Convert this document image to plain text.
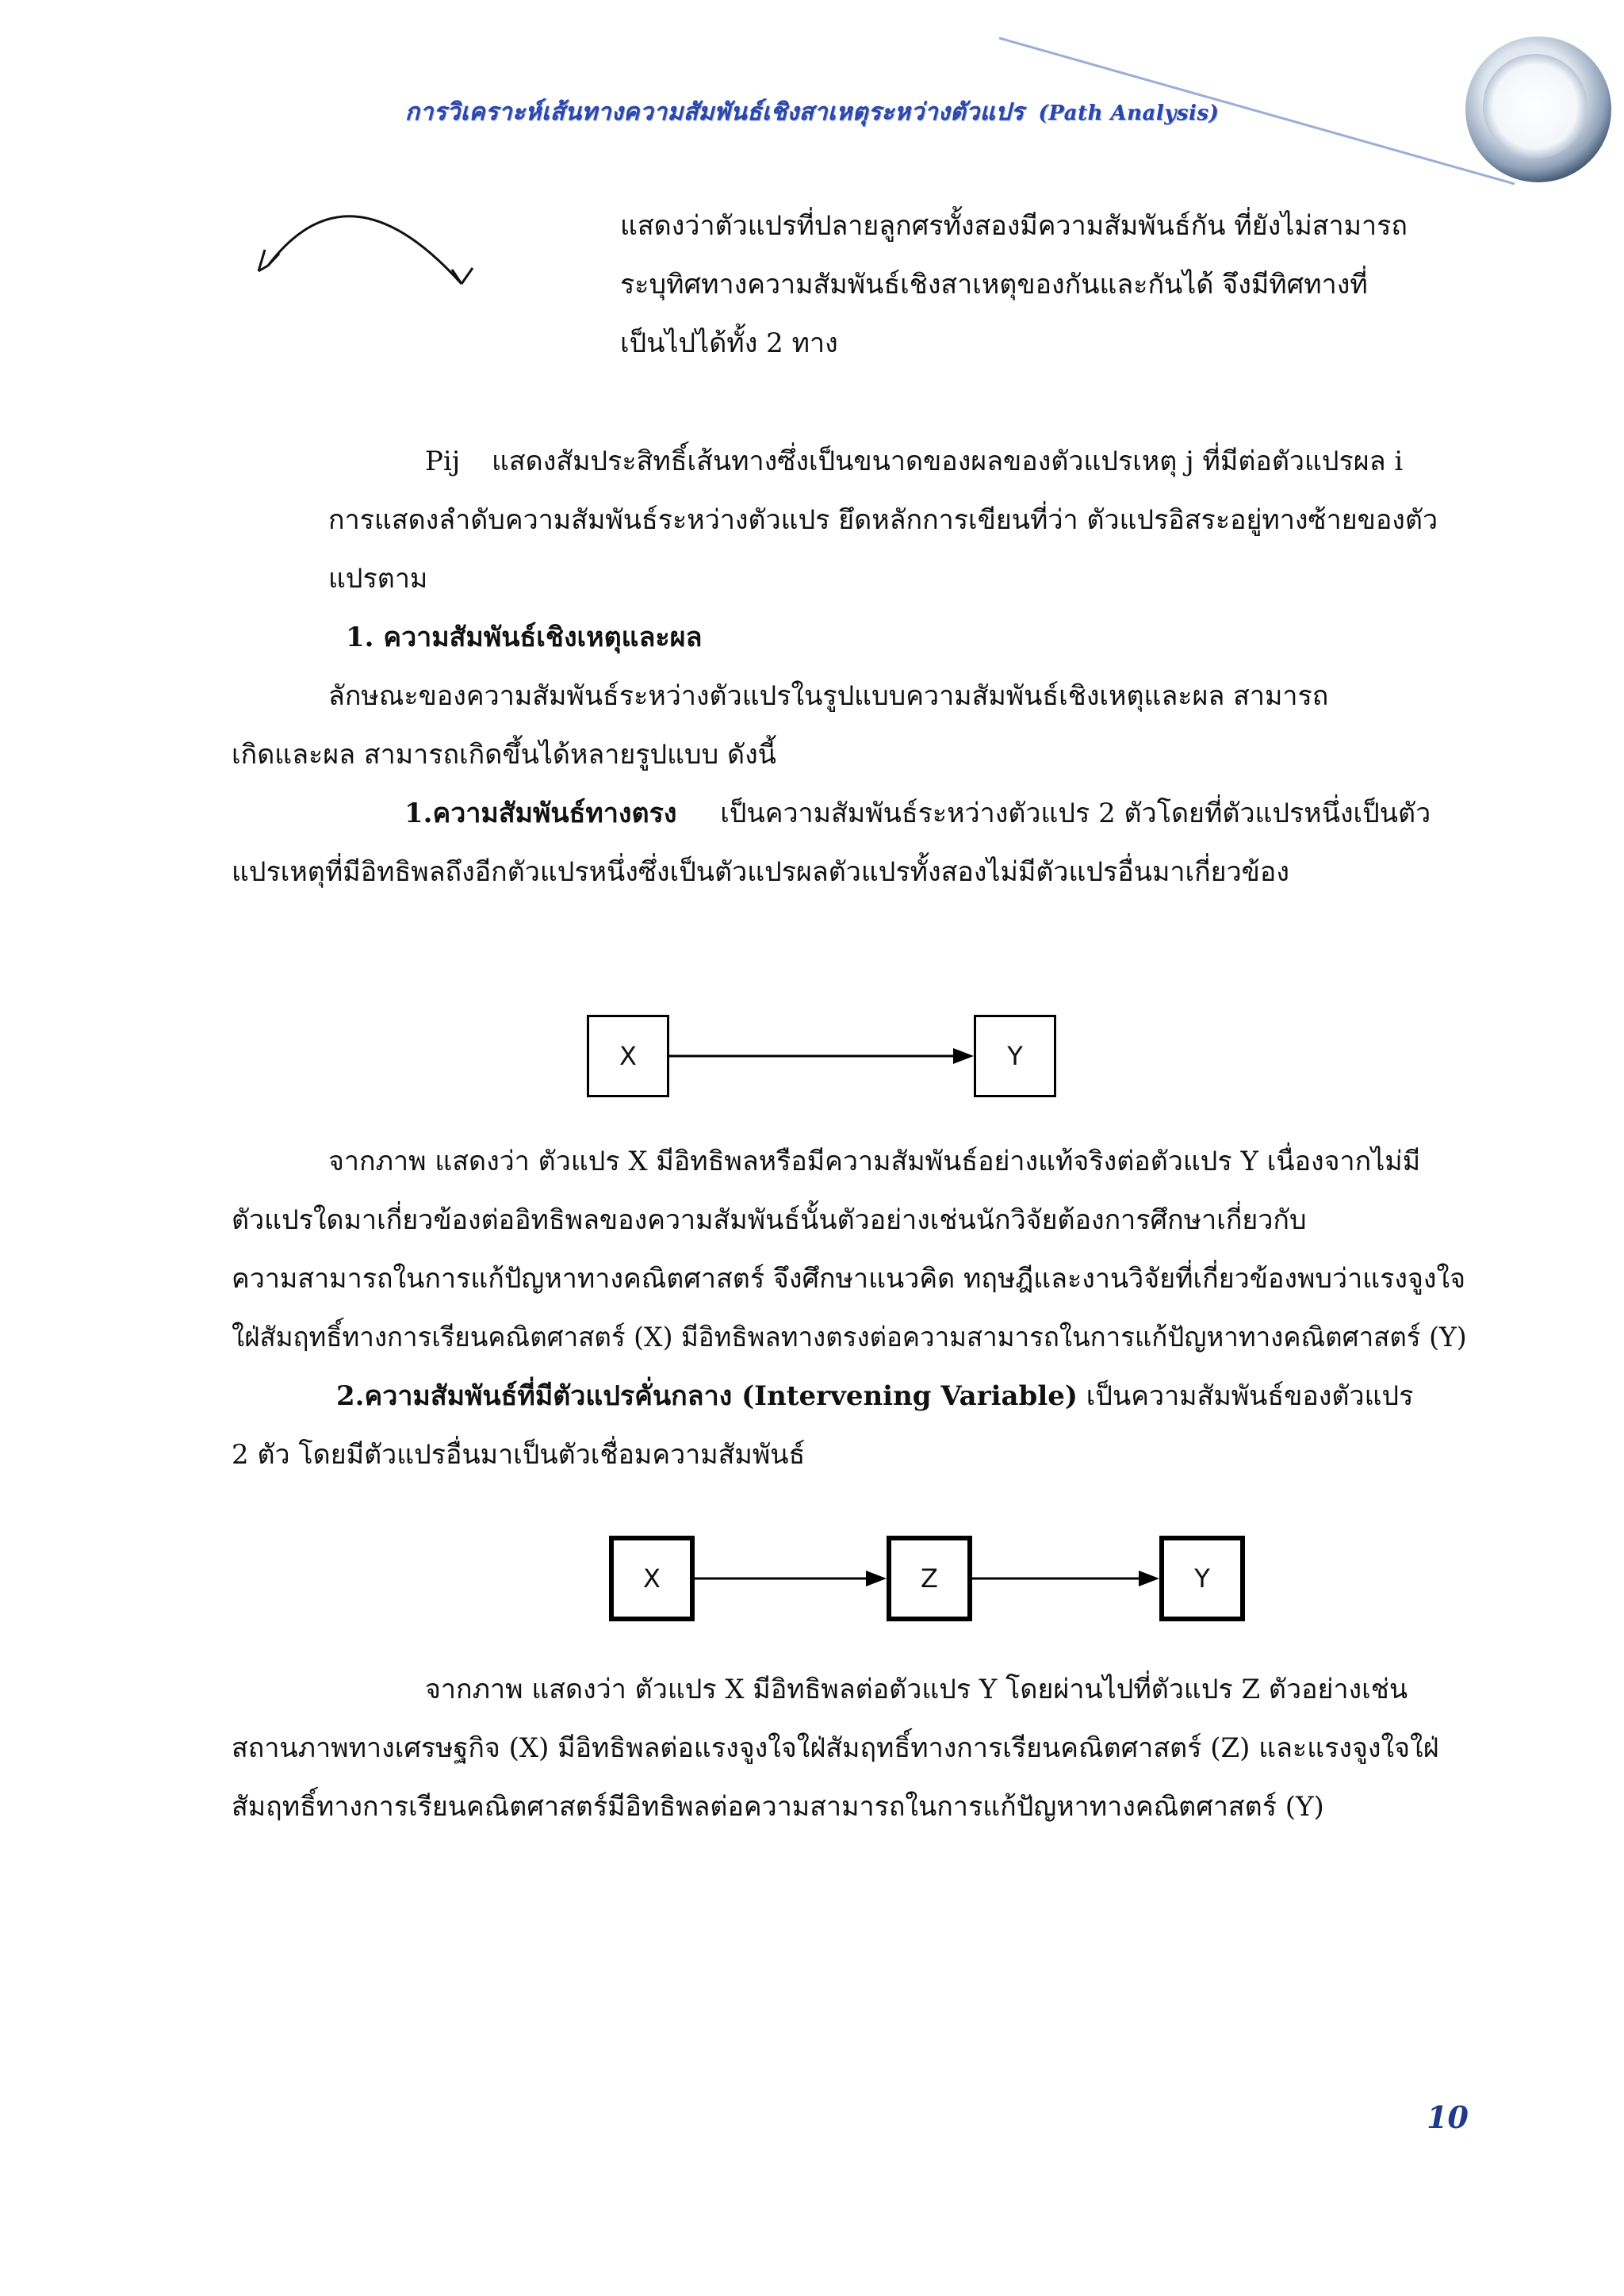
การวิเคราะห์เส้นทางความสัมพันธ์เชิงสาเหตุระหว่างตัวแปร (Path Analysis)
แสดงว่าตัวแปรที่ปลายลูกศรทั้งสองมีความสัมพันธ์กัน ที่ยังไม่สามารถ
ระบุทิศทางความสัมพันธ์เชิงสาเหตุของกันและกันได้ จึงมีทิศทางที่
เป็นไปได้ทั้ง 2 ทาง
Pij แสดงสัมประสิทธิ์เส้นทางซึ่งเป็นขนาดของผลของตัวแปรเหตุ j ที่มีต่อตัวแปรผล i
การแสดงลำดับความสัมพันธ์ระหว่างตัวแปร ยึดหลักการเขียนที่ว่า ตัวแปรอิสระอยู่ทางซ้ายของตัว
แปรตาม
1. ความสัมพันธ์เชิงเหตุและผล
ลักษณะของความสัมพันธ์ระหว่างตัวแปรในรูปแบบความสัมพันธ์เชิงเหตุและผล สามารถ
เกิดและผล สามารถเกิดขึ้นได้หลายรูปแบบ ดังนี้
1.ความสัมพันธ์ทางตรง เป็นความสัมพันธ์ระหว่างตัวแปร 2 ตัวโดยที่ตัวแปรหนึ่งเป็นตัว
แปรเหตุที่มีอิทธิพลถึงอีกตัวแปรหนึ่งซึ่งเป็นตัวแปรผลตัวแปรทั้งสองไม่มีตัวแปรอื่นมาเกี่ยวข้อง
X	Y
จากภาพ แสดงว่า ตัวแปร X มีอิทธิพลหรือมีความสัมพันธ์อย่างแท้จริงต่อตัวแปร Y เนื่องจากไม่มี
ตัวแปรใดมาเกี่ยวข้องต่ออิทธิพลของความสัมพันธ์นั้นตัวอย่างเช่นนักวิจัยต้องการศึกษาเกี่ยวกับ
ความสามารถในการแก้ปัญหาทางคณิตศาสตร์ จึงศึกษาแนวคิด ทฤษฎีและงานวิจัยที่เกี่ยวข้องพบว่าแรงจูงใจ
ใฝ่สัมฤทธิ์ทางการเรียนคณิตศาสตร์ (X) มีอิทธิพลทางตรงต่อความสามารถในการแก้ปัญหาทางคณิตศาสตร์ (Y)
2.ความสัมพันธ์ที่มีตัวแปรคั่นกลาง (Intervening Variable) เป็นความสัมพันธ์ของตัวแปร
2 ตัว โดยมีตัวแปรอื่นมาเป็นตัวเชื่อมความสัมพันธ์
X	Z	Y
จากภาพ แสดงว่า ตัวแปร X มีอิทธิพลต่อตัวแปร Y โดยผ่านไปที่ตัวแปร Z ตัวอย่างเช่น
สถานภาพทางเศรษฐกิจ (X) มีอิทธิพลต่อแรงจูงใจใฝ่สัมฤทธิ์ทางการเรียนคณิตศาสตร์ (Z) และแรงจูงใจใฝ่
สัมฤทธิ์ทางการเรียนคณิตศาสตร์มีอิทธิพลต่อความสามารถในการแก้ปัญหาทางคณิตศาสตร์ (Y)
10
